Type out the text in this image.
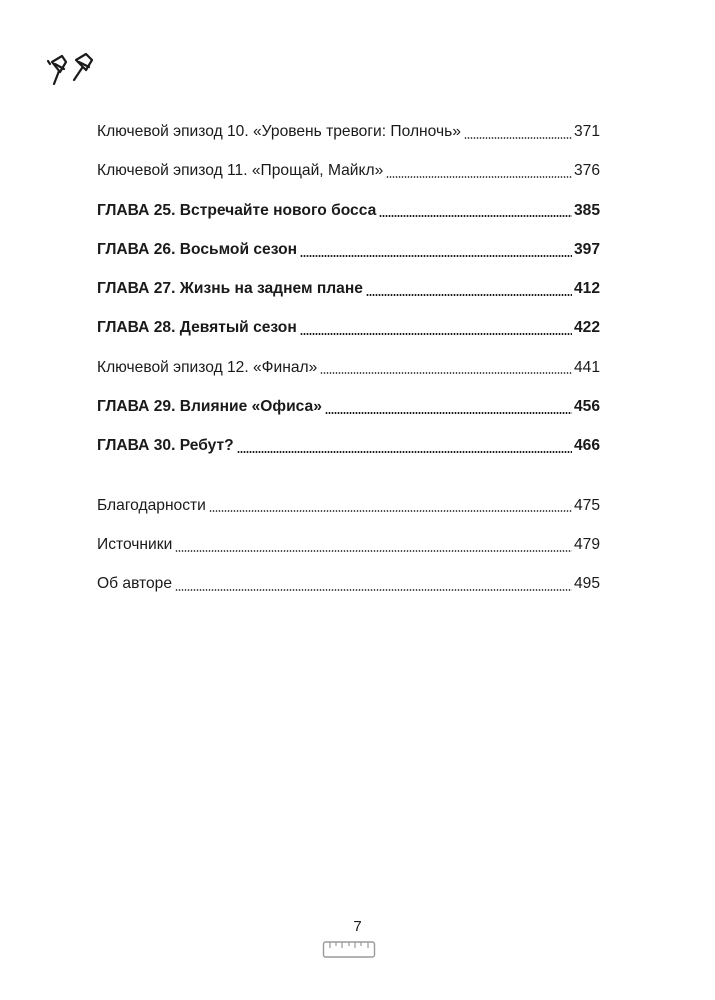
Ключевой эпизод 10. «Уровень тревоги: Полночь»	371
Ключевой эпизод 11. «Прощай, Майкл»	376
ГЛАВА 25. Встречайте нового босса	385
ГЛАВА 26. Восьмой сезон	397
ГЛАВА 27. Жизнь на заднем плане	412
ГЛАВА 28. Девятый сезон	422
Ключевой эпизод 12. «Финал»	441
ГЛАВА 29. Влияние «Офиса»	456
ГЛАВА 30. Ребут?	466
Благодарности	475
Источники	479
Об авторе	495
7
